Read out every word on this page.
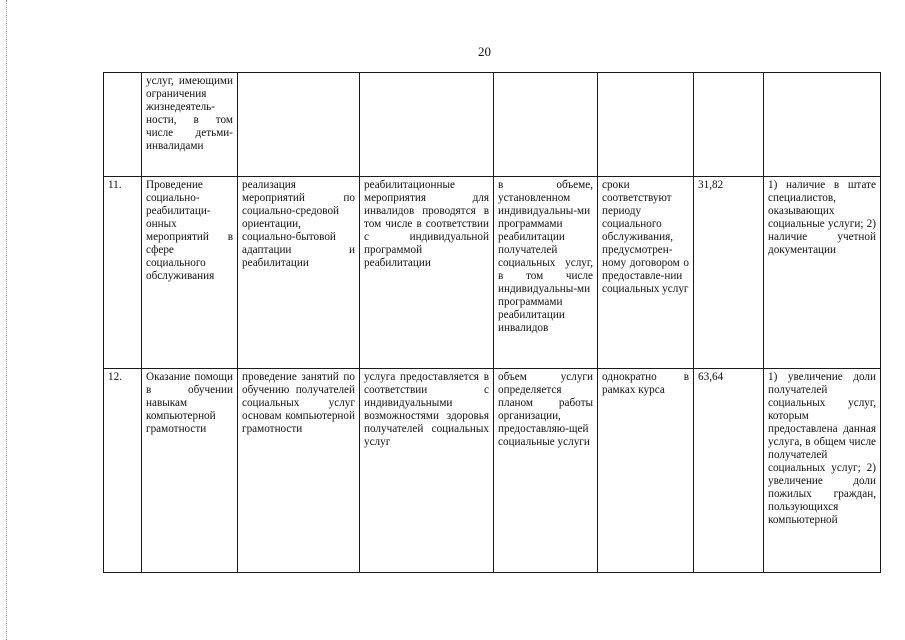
20
	услуг, имеющими ограничения жизнедеятель-ности, в том числе детьми-инвалидами						
11.	Проведение социально-реабилитаци-онных мероприятий в сфере социального обслуживания	реализация мероприятий по социально-средовой ориентации, социально-бытовой адаптации и реабилитации	реабилитационные мероприятия для инвалидов проводятся в том числе в соответствии с индивидуальной программой реабилитации	в объеме, установленном индивидуальны-ми программами реабилитации получателей социальных услуг, в том числе индивидуальны-ми программами реабилитации инвалидов	сроки соответствуют периоду социального обслуживания, предусмотрен-ному договором о предоставле-нии социальных услуг	31,82	1) наличие в штате специалистов, оказывающих социальные услуги; 2) наличие учетной документации
12.	Оказание помощи в обучении навыкам компьютерной грамотности	проведение занятий по обучению получателей социальных услуг основам компьютерной грамотности	услуга предоставляется в соответствии с индивидуальными возможностями здоровья получателей социальных услуг	объем услуги определяется планом работы организации, предоставляю-щей социальные услуги	однократно в рамках курса	63,64	1) увеличение доли получателей социальных услуг, которым предоставлена данная услуга, в общем числе получателей социальных услуг; 2) увеличение доли пожилых граждан, пользующихся компьютерной
